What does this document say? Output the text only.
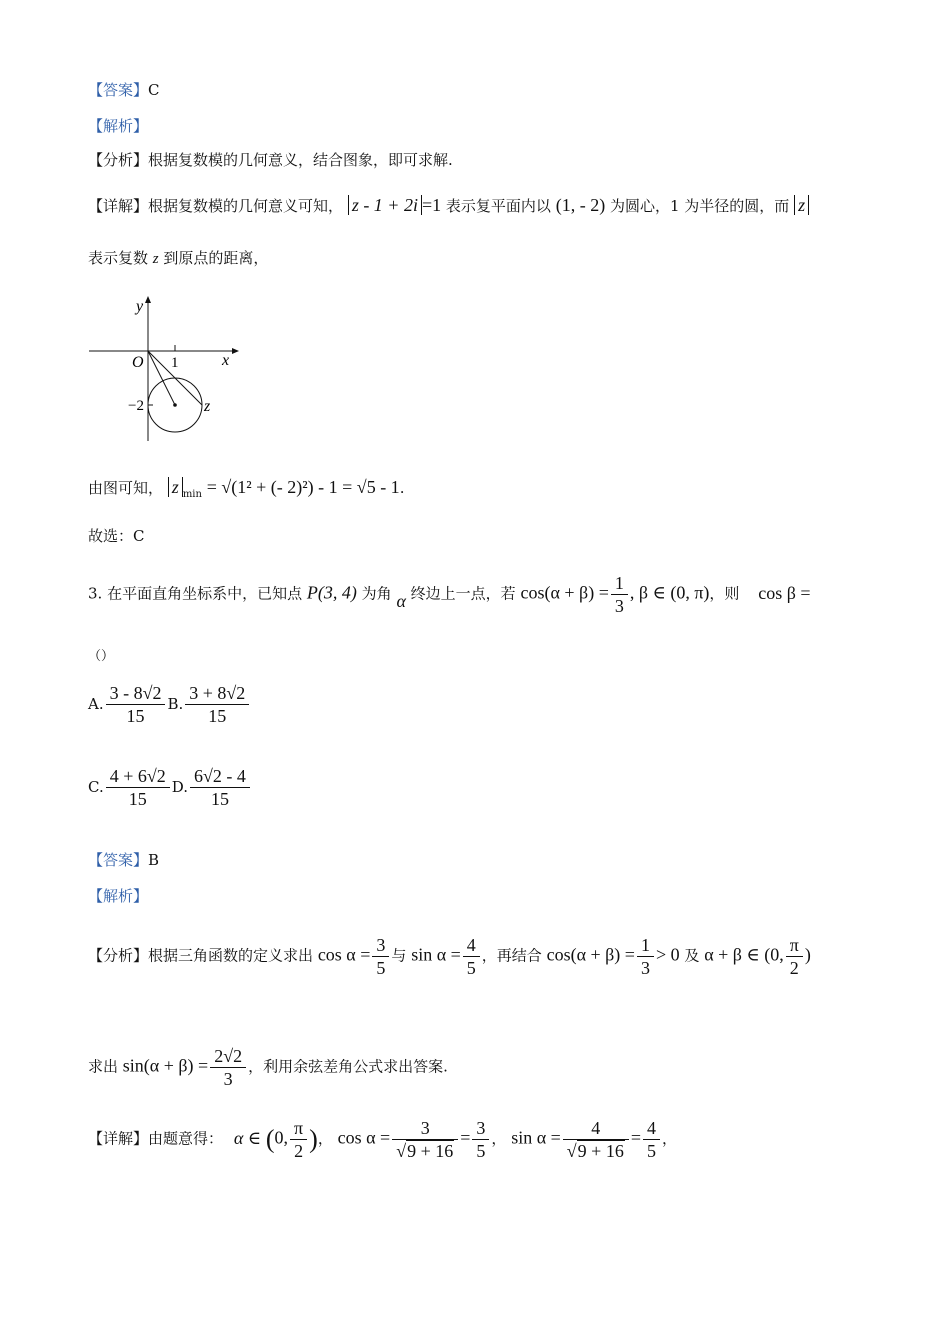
【答案】C
【解析】
【分析】根据复数模的几何意义，结合图象，即可求解.
【详解】根据复数模的几何意义可知， z - 1 + 2i =1 表示复平面内以 (1, - 2) 为圆心，1 为半径的圆，而 z
表示复数 z 到原点的距离，
y
x
O 1
−2	z
由图可知， z $_{min}$ = √(1² + (- 2)²) - 1 = √5 - 1.
故选：C
3. 在平面直角坐标系中，已知点 P(3, 4) 为角 α 终边上一点，若 $\cos(\alpha + \beta) = \frac{1}{3}$ , β ∈ (0, π)，则 cos β =
（）
A. $\frac{3 - 8√2}{15} B$. $\frac{3 + 8√2}{15}$
C. $\frac{4 + 6√2}{15} D$. $\frac{6√2 - 4}{15}$
【答案】B
【解析】
【分析】根据三角函数的定义求出 $\cos \alpha = \frac{3}{5}$ 与 $\sin \alpha = \frac{4}{5}$ ，再结合 $\cos(\alpha + \beta) = \frac{1}{3} > 0$ 及 α + β ∈ (0, $\frac{\pi}{2}$ )
求出 $\sin(\alpha + \beta) = \frac{2√2}{3}$ ，利用余弦差角公式求出答案.
【详解】由题意得： α ∈ (0, $\frac{\pi}{2}$ )， $\cos \alpha = \frac{3}{√9 + 16} = \frac{3}{5}$ ， $\sin \alpha = \frac{4}{√9 + 16} = \frac{4}{5}$ ，
